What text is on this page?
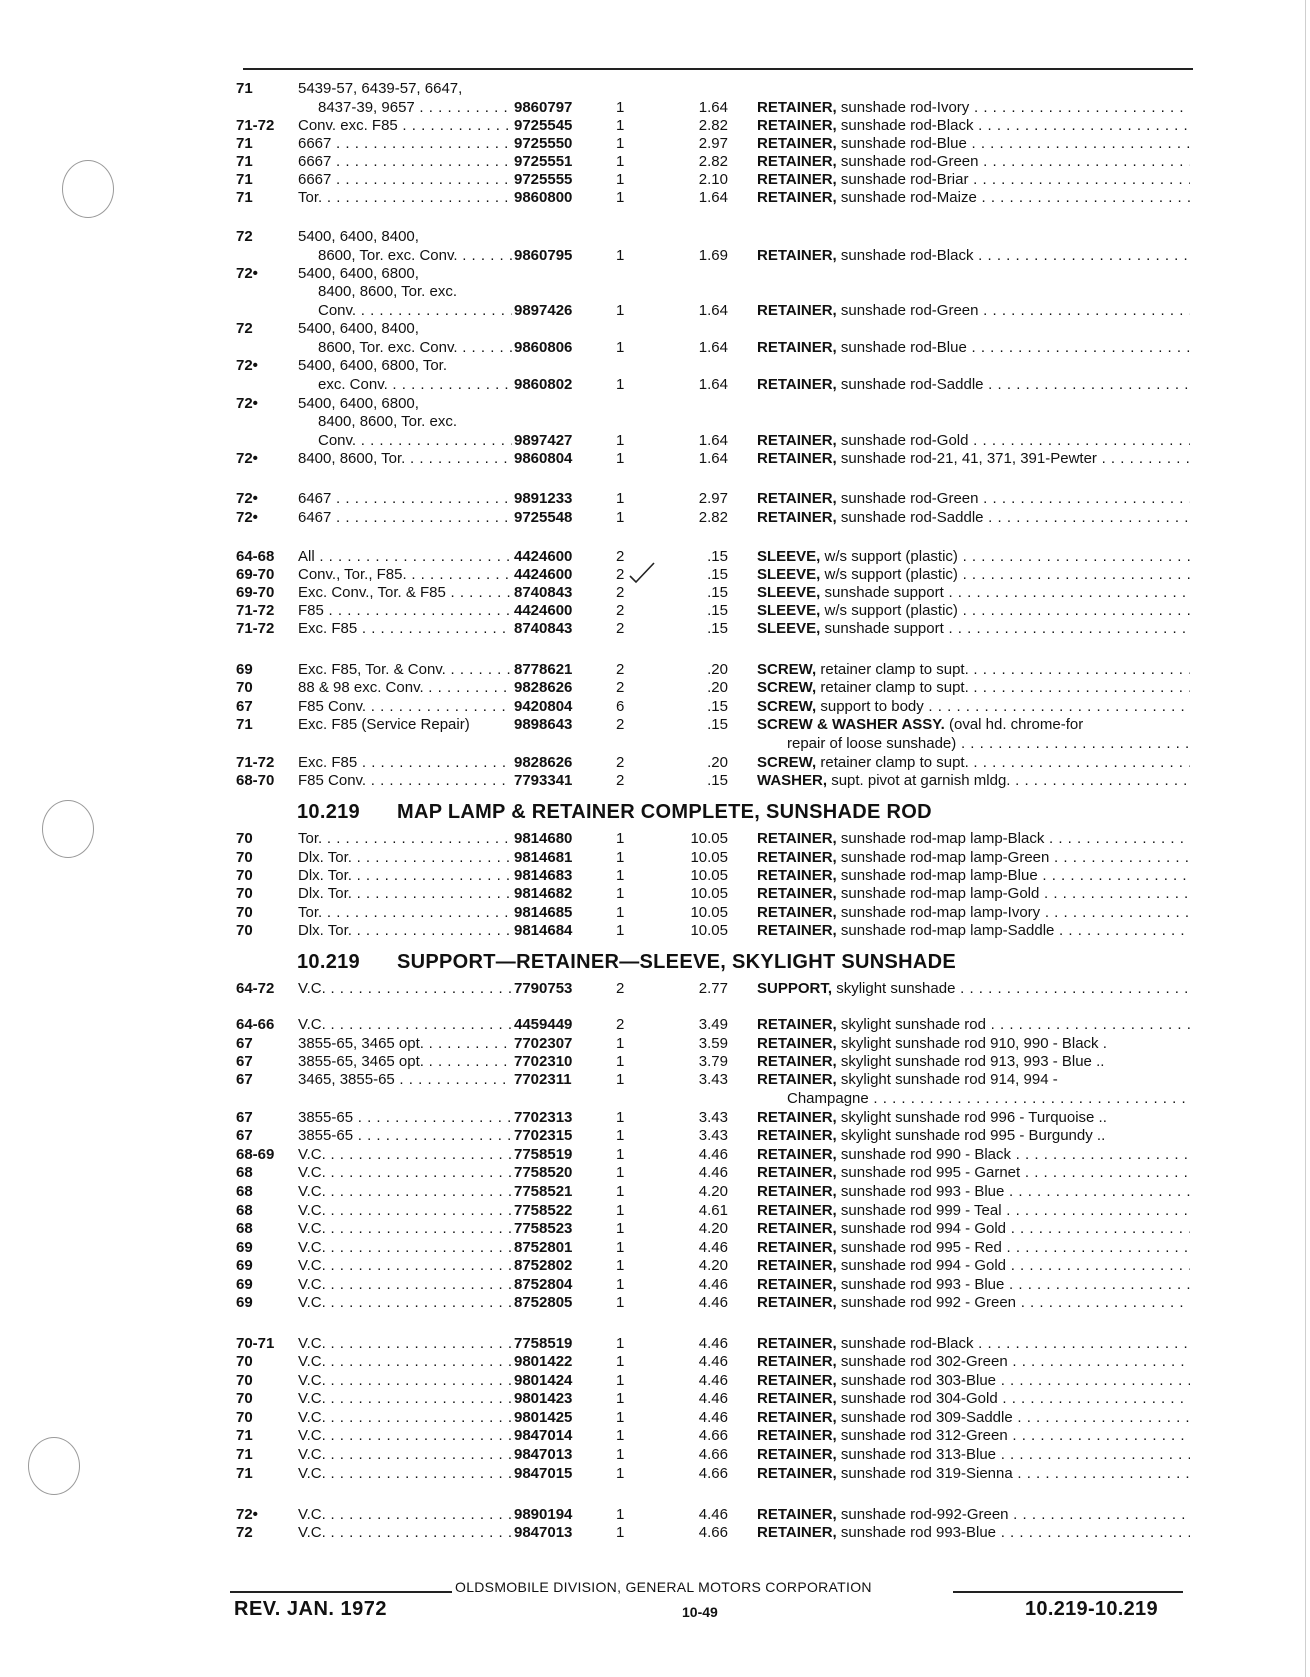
71	5439-57, 6439-57, 6647,
8437-39, 9657 . . .	9860797	1	1.64 RETAINER, sunshade rod-Ivory . . .
71-72	Conv. exc. F85 . . .	9725545	1	2.82 RETAINER, sunshade rod-Black . . .
71	6667 . . .	9725550	1	2.97 RETAINER, sunshade rod-Blue . . .
71	6667 . . .	9725551	1	2.82 RETAINER, sunshade rod-Green . . .
71	6667 . . .	9725555	1	2.10 RETAINER, sunshade rod-Briar . . .
71	Tor. . . .	9860800	1	1.64 RETAINER, sunshade rod-Maize . . .
72	5400, 6400, 8400,
8600, Tor. exc. Conv. . . .	9860795	1	1.69 RETAINER, sunshade rod-Black . . .
72•	5400, 6400, 6800,
8400, 8600, Tor. exc.
Conv. . . .	9897426	1	1.64 RETAINER, sunshade rod-Green . . .
72	5400, 6400, 8400,
8600, Tor. exc. Conv. . . .	9860806	1	1.64 RETAINER, sunshade rod-Blue . . .
72•	5400, 6400, 6800, Tor.
exc. Conv. . . .	9860802	1	1.64 RETAINER, sunshade rod-Saddle . . .
72•	5400, 6400, 6800,
8400, 8600, Tor. exc.
Conv. . . .	9897427	1	1.64 RETAINER, sunshade rod-Gold . . .
72•	8400, 8600, Tor. . . .	9860804	1	1.64 RETAINER, sunshade rod-21, 41, 371, 391-Pewter . . .
72•	6467 . . .	9891233	1	2.97 RETAINER, sunshade rod-Green . . .
72•	6467 . . .	9725548	1	2.82 RETAINER, sunshade rod-Saddle . . .
64-68	All . . .	4424600	2	.15 SLEEVE, w/s support (plastic) . . .
69-70	Conv., Tor., F85. . . .	4424600	2	.15 SLEEVE, w/s support (plastic) . . .
69-70	Exc. Conv., Tor. & F85 . . .	8740843	2	.15 SLEEVE, sunshade support . . .
71-72	F85 . . .	4424600	2	.15 SLEEVE, w/s support (plastic) . . .
71-72	Exc. F85 . . .	8740843	2	.15 SLEEVE, sunshade support . . .
69	Exc. F85, Tor. & Conv. . . .	8778621	2	.20 SCREW, retainer clamp to supt. . . .
70	88 & 98 exc. Conv. . . .	9828626	2	.20 SCREW, retainer clamp to supt. . . .
67	F85 Conv. . . .	9420804	6	.15 SCREW, support to body . . .
71	Exc. F85 (Service Repair)	9898643	2	.15 SCREW & WASHER ASSY. (oval hd. chrome-for
repair of loose sunshade) . . .
71-72	Exc. F85 . . .	9828626	2	.20 SCREW, retainer clamp to supt. . . .
68-70	F85 Conv. . . .	7793341	2	.15 WASHER, supt. pivot at garnish mldg. . . .
70	Tor. . . .	9814680	1	10.05 RETAINER, sunshade rod-map lamp-Black . . .
70	Dlx. Tor. . . .	9814681	1	10.05 RETAINER, sunshade rod-map lamp-Green . . .
70	Dlx. Tor. . . .	9814683	1	10.05 RETAINER, sunshade rod-map lamp-Blue . . .
70	Dlx. Tor. . . .	9814682	1	10.05 RETAINER, sunshade rod-map lamp-Gold . . .
70	Tor. . . .	9814685	1	10.05 RETAINER, sunshade rod-map lamp-Ivory . . .
70	Dlx. Tor. . . .	9814684	1	10.05 RETAINER, sunshade rod-map lamp-Saddle . . .
64-72	V.C. . . .	7790753	2	2.77 SUPPORT, skylight sunshade . . .
64-66	V.C. . . .	4459449	2	3.49 RETAINER, skylight sunshade rod . . .
67	3855-65, 3465 opt. . . .	7702307	1	3.59 RETAINER, skylight sunshade rod 910, 990 - Black .
67	3855-65, 3465 opt. . . .	7702310	1	3.79 RETAINER, skylight sunshade rod 913, 993 - Blue ..
67	3465, 3855-65 . . .	7702311	1	3.43 RETAINER, skylight sunshade rod 914, 994 -
Champagne . . .
67	3855-65 . . .	7702313	1	3.43 RETAINER, skylight sunshade rod 996 - Turquoise ..
67	3855-65 . . .	7702315	1	3.43 RETAINER, skylight sunshade rod 995 - Burgundy ..
68-69	V.C. . . .	7758519	1	4.46 RETAINER, sunshade rod 990 - Black . . .
68	V.C. . . .	7758520	1	4.46 RETAINER, sunshade rod 995 - Garnet . . .
68	V.C. . . .	7758521	1	4.20 RETAINER, sunshade rod 993 - Blue . . .
68	V.C. . . .	7758522	1	4.61 RETAINER, sunshade rod 999 - Teal . . .
68	V.C. . . .	7758523	1	4.20 RETAINER, sunshade rod 994 - Gold . . .
69	V.C. . . .	8752801	1	4.46 RETAINER, sunshade rod 995 - Red . . .
69	V.C. . . .	8752802	1	4.20 RETAINER, sunshade rod 994 - Gold . . .
69	V.C. . . .	8752804	1	4.46 RETAINER, sunshade rod 993 - Blue . . .
69	V.C. . . .	8752805	1	4.46 RETAINER, sunshade rod 992 - Green . . .
70-71	V.C. . . .	7758519	1	4.46 RETAINER, sunshade rod-Black . . .
70	V.C. . . .	9801422	1	4.46 RETAINER, sunshade rod 302-Green . . .
70	V.C. . . .	9801424	1	4.46 RETAINER, sunshade rod 303-Blue . . .
70	V.C. . . .	9801423	1	4.46 RETAINER, sunshade rod 304-Gold . . .
70	V.C. . . .	9801425	1	4.46 RETAINER, sunshade rod 309-Saddle . . .
71	V.C. . . .	9847014	1	4.66 RETAINER, sunshade rod 312-Green . . .
71	V.C. . . .	9847013	1	4.66 RETAINER, sunshade rod 313-Blue . . .
71	V.C. . . .	9847015	1	4.66 RETAINER, sunshade rod 319-Sienna . . .
72•	V.C. . . .	9890194	1	4.46 RETAINER, sunshade rod-992-Green . . .
72	V.C. . . .	9847013	1	4.66 RETAINER, sunshade rod 993-Blue . . .
OLDSMOBILE DIVISION, GENERAL MOTORS CORPORATION
REV. JAN. 1972	10-49	10.219-10.219
10.219 MAP LAMP & RETAINER COMPLETE, SUNSHADE ROD
10.219 SUPPORT—RETAINER—SLEEVE, SKYLIGHT SUNSHADE
